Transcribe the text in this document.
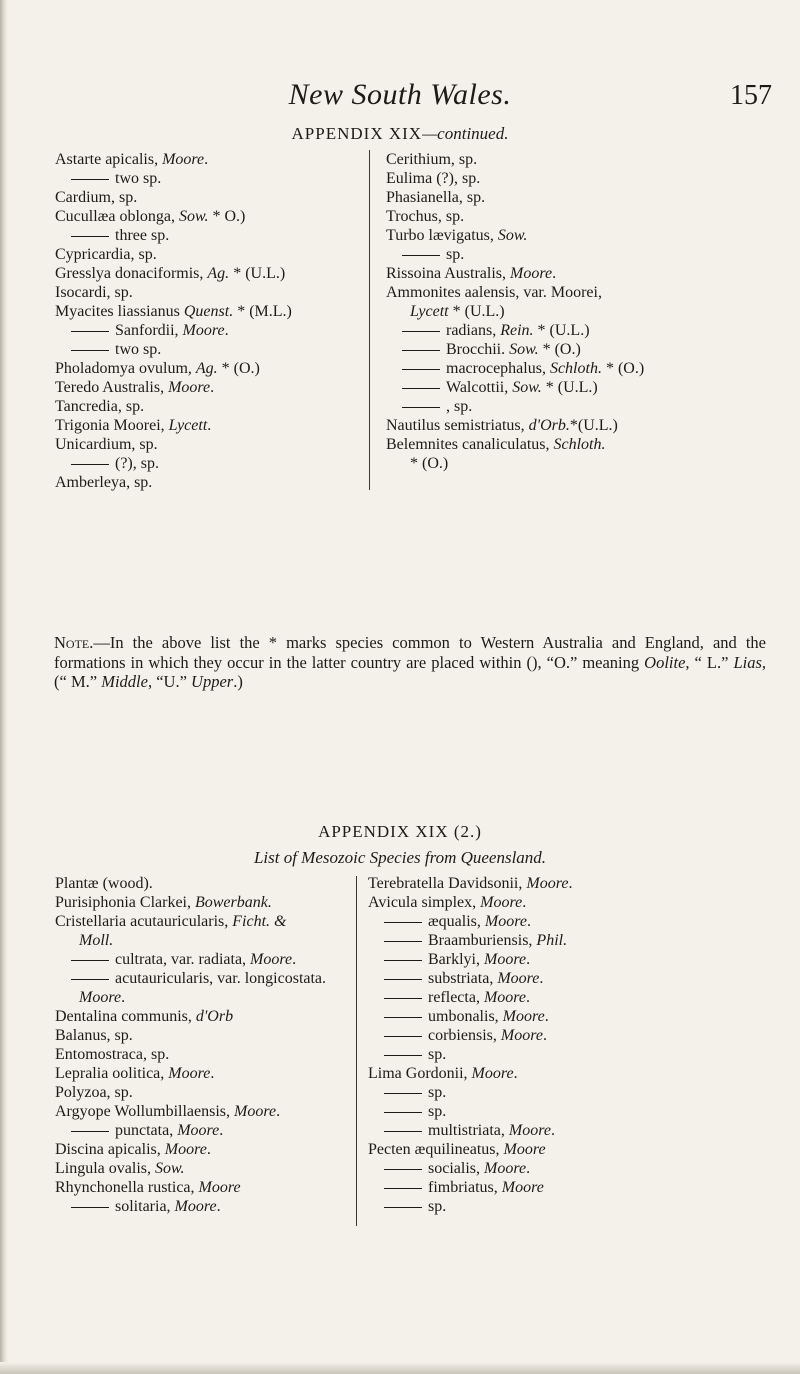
New South Wales.	157
APPENDIX XIX—continued.
Astarte apicalis, Moore.
two sp.
Cardium, sp.
Cucullæa oblonga, Sow. * O.)
three sp.
Cypricardia, sp.
Gresslya donaciformis, Ag. * (U.L.)
Isocardi, sp.
Myacites liassianus Quenst. * (M.L.)
Sanfordii, Moore.
two sp.
Pholadomya ovulum, Ag. * (O.)
Teredo Australis, Moore.
Tancredia, sp.
Trigonia Moorei, Lycett.
Unicardium, sp.
(?), sp.
Amberleya, sp.
Cerithium, sp.
Eulima (?), sp.
Phasianella, sp.
Trochus, sp.
Turbo lævigatus, Sow.
sp.
Rissoina Australis, Moore.
Ammonites aalensis, var. Moorei,
Lycett * (U.L.)
radians, Rein. * (U.L.)
Brocchii. Sow. * (O.)
macrocephalus, Schloth. * (O.)
Walcottii, Sow. * (U.L.)
, sp.
Nautilus semistriatus, d'Orb.*(U.L.)
Belemnites canaliculatus, Schloth.
* (O.)
Note.—In the above list the * marks species common to Western Australia and England, and the formations in which they occur in the latter country are placed within (), “O.” meaning Oolite, “ L.” Lias, (“ M.” Middle, “U.” Upper.)
APPENDIX XIX (2.)
List of Mesozoic Species from Queensland.
Plantæ (wood).
Purisiphonia Clarkei, Bowerbank.
Cristellaria acutauricularis, Ficht. &
Moll.
cultrata, var. radiata, Moore.
acutauricularis, var. longicostata.
Moore.
Dentalina communis, d'Orb
Balanus, sp.
Entomostraca, sp.
Lepralia oolitica, Moore.
Polyzoa, sp.
Argyope Wollumbillaensis, Moore.
punctata, Moore.
Discina apicalis, Moore.
Lingula ovalis, Sow.
Rhynchonella rustica, Moore
solitaria, Moore.
Terebratella Davidsonii, Moore.
Avicula simplex, Moore.
æqualis, Moore.
Braamburiensis, Phil.
Barklyi, Moore.
substriata, Moore.
reflecta, Moore.
umbonalis, Moore.
corbiensis, Moore.
sp.
Lima Gordonii, Moore.
sp.
sp.
multistriata, Moore.
Pecten æquilineatus, Moore
socialis, Moore.
fimbriatus, Moore
sp.
